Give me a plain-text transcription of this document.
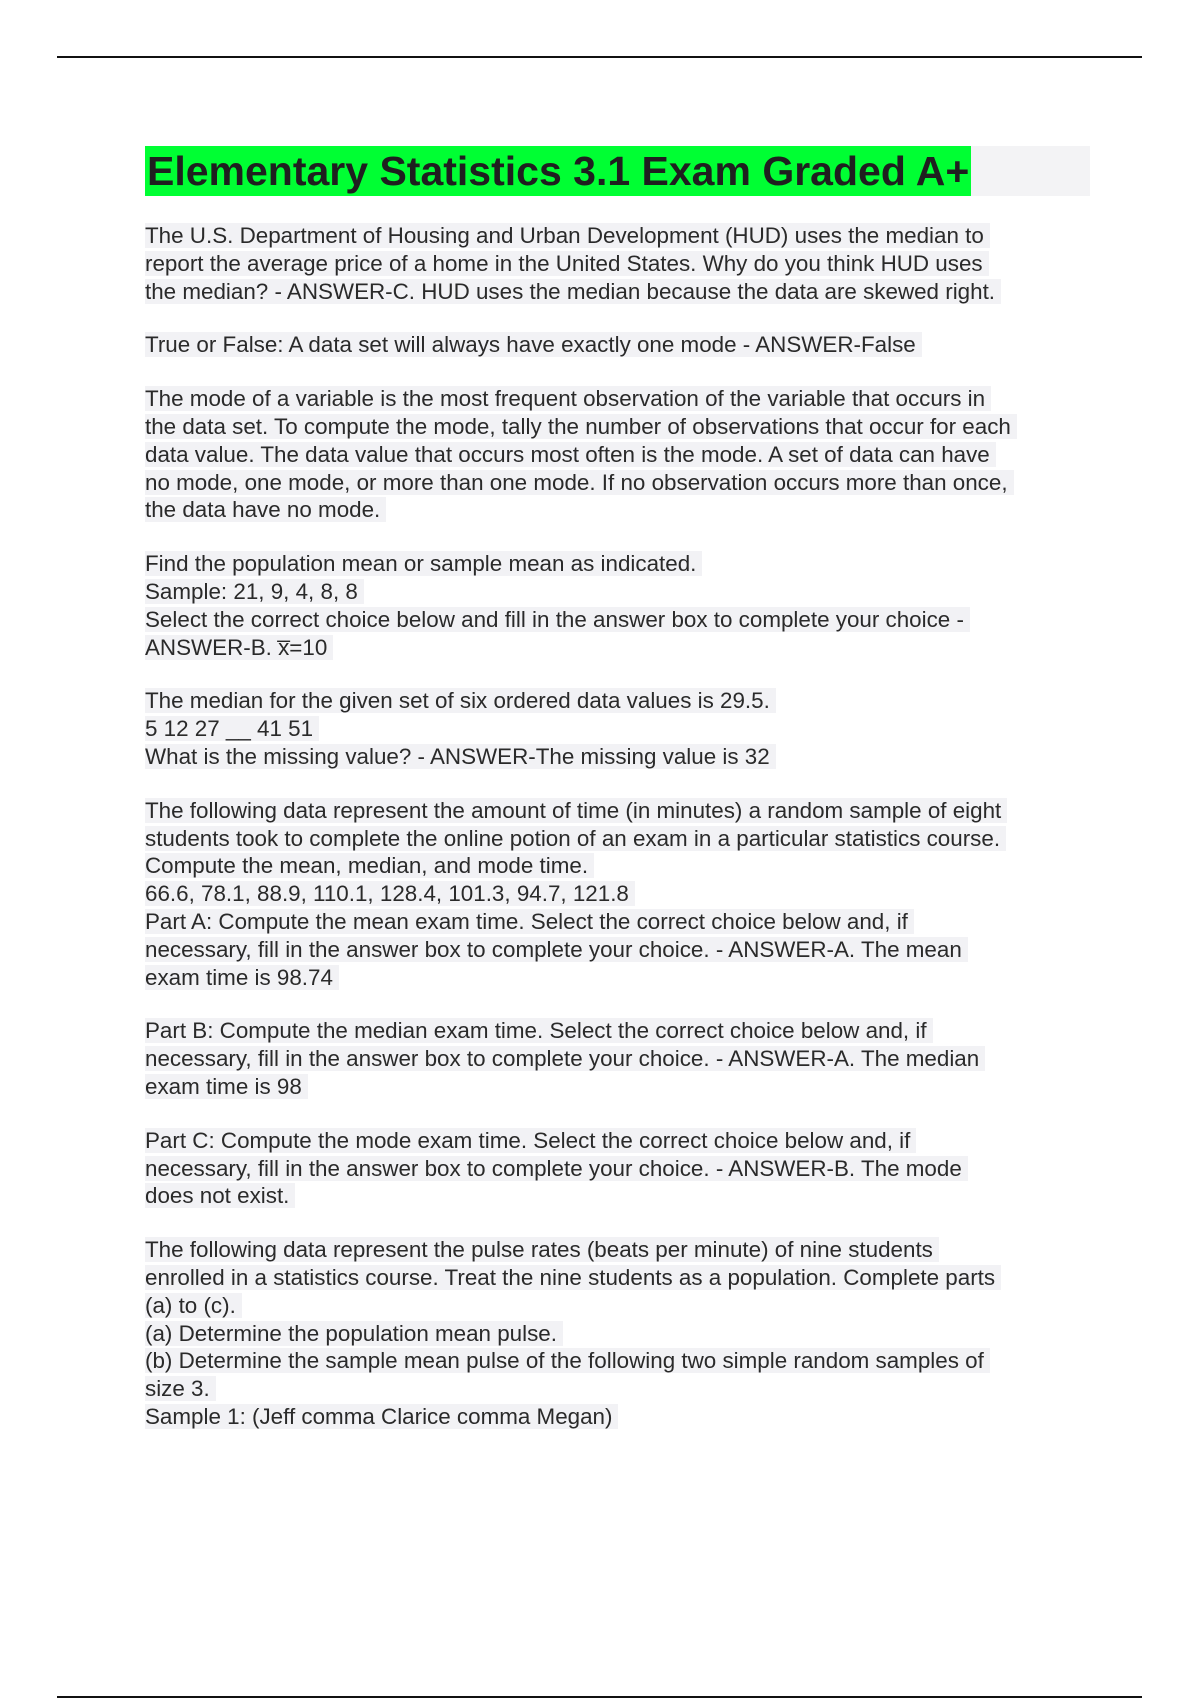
Elementary Statistics 3.1 Exam Graded A+
The U.S. Department of Housing and Urban Development (HUD) uses the median to
report the average price of a home in the United States. Why do you think HUD uses
the median? - ANSWER-C. HUD uses the median because the data are skewed right.
True or False: A data set will always have exactly one mode - ANSWER-False
The mode of a variable is the most frequent observation of the variable that occurs in
the data set. To compute the mode, tally the number of observations that occur for each
data value. The data value that occurs most often is the mode. A set of data can have
no mode, one mode, or more than one mode. If no observation occurs more than once,
the data have no mode.
Find the population mean or sample mean as indicated.
Sample: 21, 9, 4, 8, 8
Select the correct choice below and fill in the answer box to complete your choice -
ANSWER-B. x̅=10
The median for the given set of six ordered data values is 29.5.
5 12 27 __ 41 51
What is the missing value? - ANSWER-The missing value is 32
The following data represent the amount of time (in minutes) a random sample of eight
students took to complete the online potion of an exam in a particular statistics course.
Compute the mean, median, and mode time.
66.6, 78.1, 88.9, 110.1, 128.4, 101.3, 94.7, 121.8
Part A: Compute the mean exam time. Select the correct choice below and, if
necessary, fill in the answer box to complete your choice. - ANSWER-A. The mean
exam time is 98.74
Part B: Compute the median exam time. Select the correct choice below and, if
necessary, fill in the answer box to complete your choice. - ANSWER-A. The median
exam time is 98
Part C: Compute the mode exam time. Select the correct choice below and, if
necessary, fill in the answer box to complete your choice. - ANSWER-B. The mode
does not exist.
The following data represent the pulse rates (beats per minute) of nine students
enrolled in a statistics course. Treat the nine students as a population. Complete parts
(a) to (c).
(a) Determine the population mean pulse.
(b) Determine the sample mean pulse of the following two simple random samples of
size 3.
Sample 1: (Jeff comma Clarice comma Megan)
